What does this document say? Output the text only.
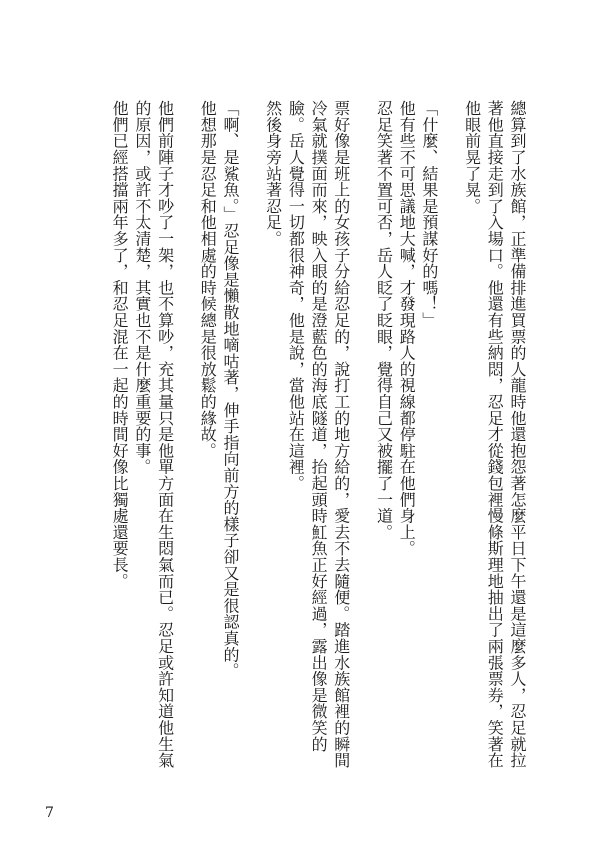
總算到了水族館，正準備排進買票的人龍時他還抱怨著怎麼平日下午還是這麼多人，忍足就拉著他直接走到了入場口。他還有些納悶，忍足才從錢包裡慢條斯理地抽出了兩張票券，笑著在他眼前晃了晃。

「什麼、結果是預謀好的嗎！」

他有些不可思議地大喊，才發現路人的視線都停駐在他們身上。

忍足笑著不置可否，岳人眨了眨眼，覺得自己又被擺了一道。

票好像是班上的女孩子分給忍足的，說打工的地方給的，愛去不去隨便。踏進水族館裡的瞬間冷氣就撲面而來，映入眼的是澄藍色的海底隧道，抬起頭時魟魚正好經過，露出像是微笑的臉。岳人覺得一切都很神奇，他是說，當他站在這裡。

然後身旁站著忍足。

「啊、是鯊魚。」忍足像是懶散地嘀咕著，伸手指向前方的樣子卻又是很認真的。

他想那是忍足和他相處的時候總是很放鬆的緣故。

他們前陣子才吵了一架，也不算吵，充其量只是他單方面在生悶氣而已。忍足或許知道他生氣的原因，或許不太清楚，其實也不是什麼重要的事。

他們已經搭擋兩年多了，和忍足混在一起的時間好像比獨處還要長。

7
